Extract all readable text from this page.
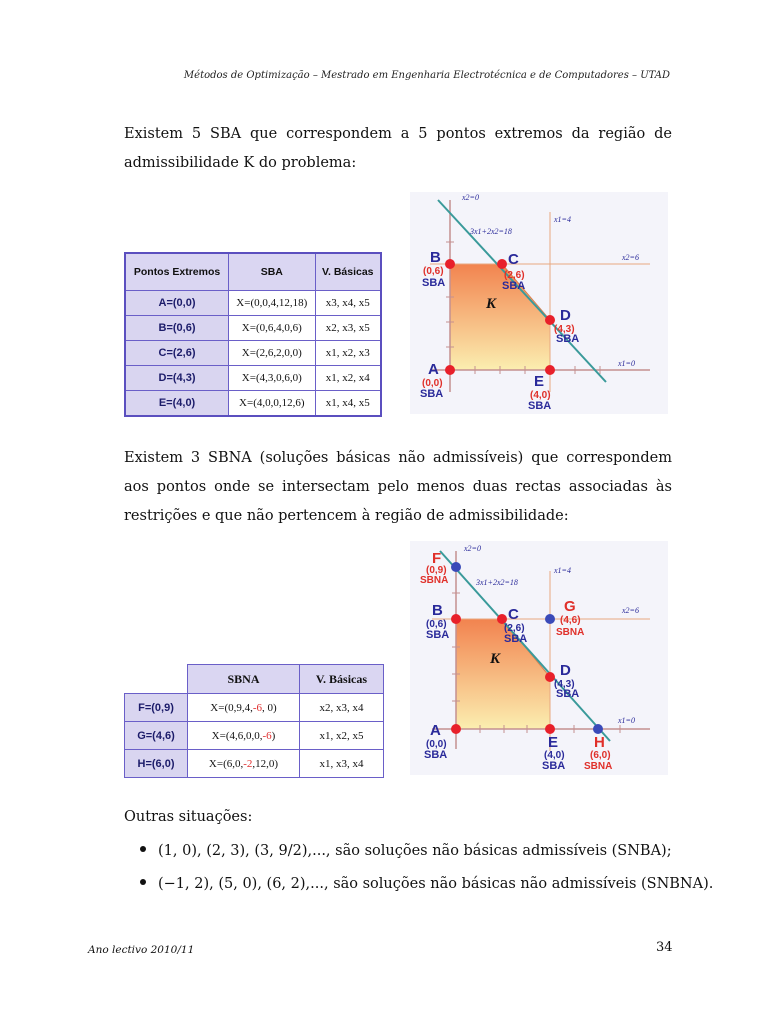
Métodos de Optimização – Mestrado em Engenharia Electrotécnica e de Computadores – UTAD
Existem 5 SBA que correspondem a 5 pontos extremos da região de admissibilidade K do problema:
Pontos Extremos	SBA	V. Básicas
A=(0,0)	X=(0,0,4,12,18)	x3, x4, x5
B=(0,6)	X=(0,6,4,0,6)	x2, x3, x5
C=(2,6)	X=(2,6,2,0,0)	x1, x2, x3
D=(4,3)	X=(4,3,0,6,0)	x1, x2, x4
E=(4,0)	X=(4,0,0,12,6)	x1, x4, x5
x2=0
3x1+2x2=18
x1=4
x2=6
x1=0
K
B
(0,6)
SBA
C
(2,6)
SBA
D
(4,3)
SBA
A
(0,0)
SBA
E
(4,0)
SBA
Existem 3 SBNA (soluções básicas não admissíveis) que correspondem aos pontos onde se intersectam pelo menos duas rectas associadas às restrições e que não pertencem à região de admissibilidade:
	SBNA	V. Básicas
F=(0,9)	X=(0,9,4,-6, 0)	x2, x3, x4
G=(4,6)	X=(4,6,0,0,-6)	x1, x2, x5
H=(6,0)	X=(6,0,-2,12,0)	x1, x3, x4
x2=0
3x1+2x2=18
x1=4
x2=6
x1=0
K
F
(0,9)
SBNA
G
(4,6)
SBNA
H
(6,0)
SBNA
B
(0,6)
SBA
C
(2,6)
SBA
D
(4,3)
SBA
A
(0,0)
SBA
E
(4,0)
SBA
Outras situações:
(1, 0), (2, 3), (3, 9/2),..., são soluções não básicas admissíveis (SNBA);
(−1, 2), (5, 0), (6, 2),..., são soluções não básicas não admissíveis (SNBNA).
Ano lectivo 2010/11	34
